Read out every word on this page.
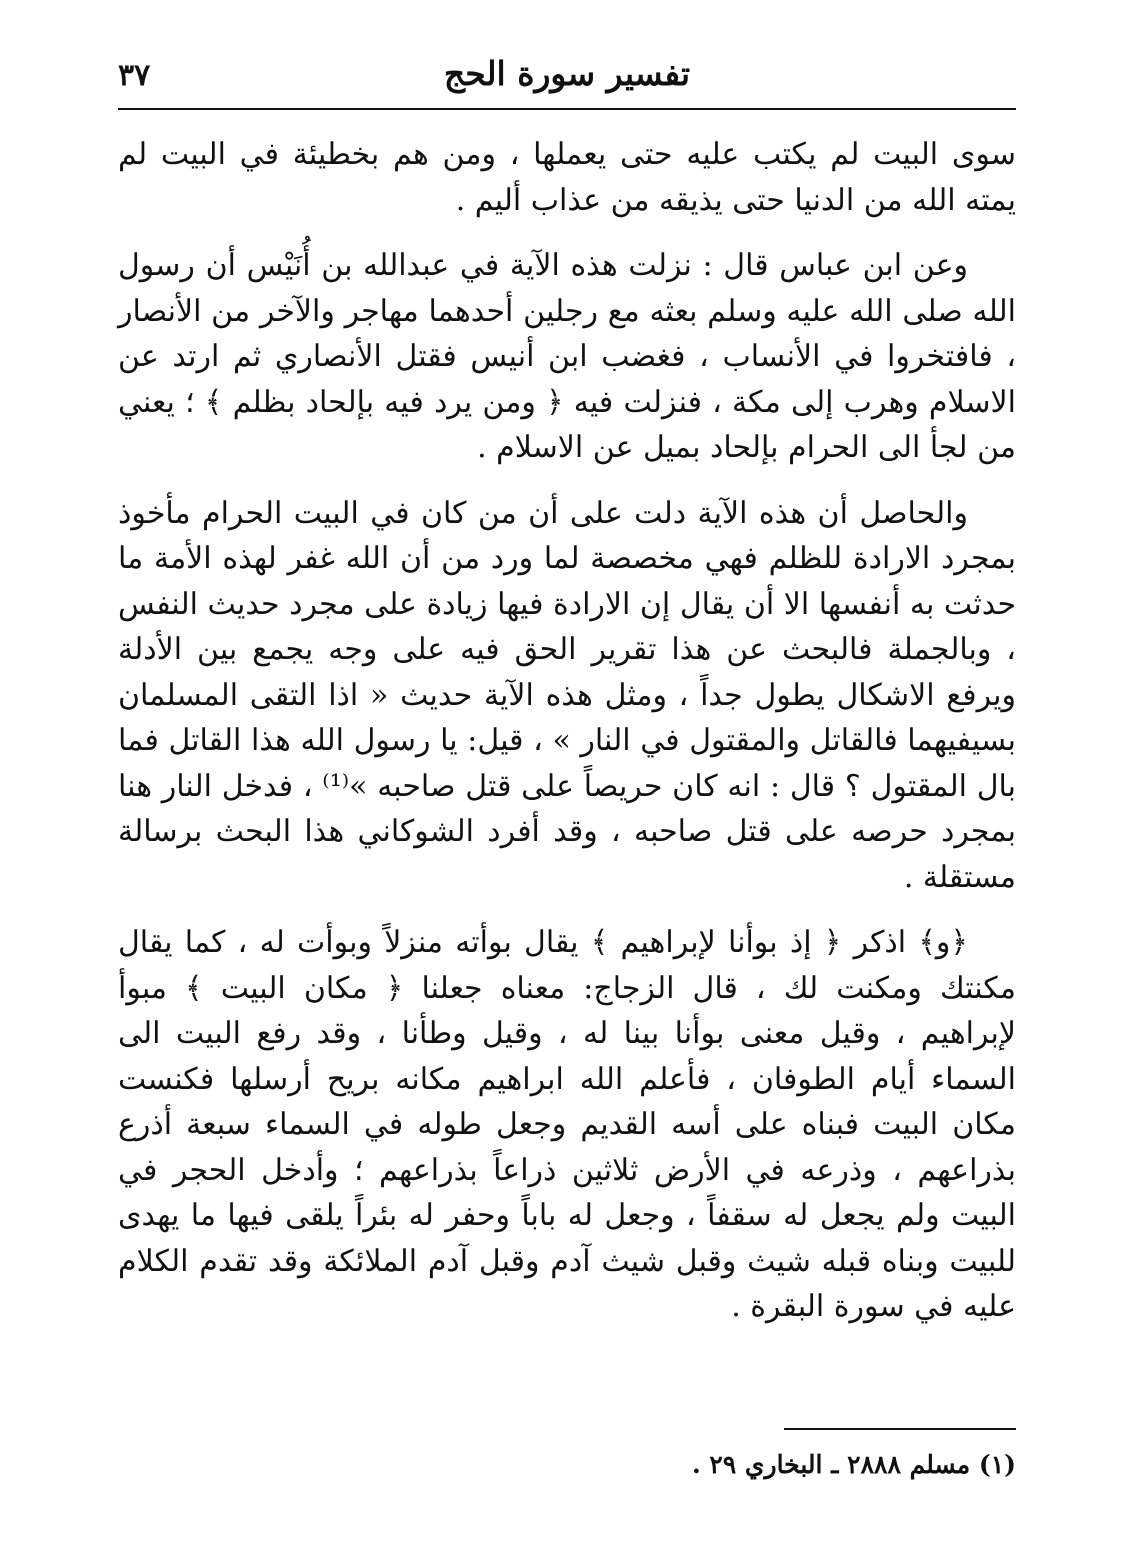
٣٧	تفسير سورة الحج

سوى البيت لم يكتب عليه حتى يعملها ، ومن هم بخطيئة في البيت لم يمته الله من الدنيا حتى يذيقه من عذاب أليم .

وعن ابن عباس قال : نزلت هذه الآية في عبدالله بن أُنَيْس أن رسول الله صلى الله عليه وسلم بعثه مع رجلين أحدهما مهاجر والآخر من الأنصار ، فافتخروا في الأنساب ، فغضب ابن أنيس فقتل الأنصاري ثم ارتد عن الاسلام وهرب إلى مكة ، فنزلت فيه ﴿ ومن يرد فيه بإلحاد بظلم ﴾ ؛ يعني من لجأ الى الحرام بإلحاد بميل عن الاسلام .

والحاصل أن هذه الآية دلت على أن من كان في البيت الحرام مأخوذ بمجرد الارادة للظلم فهي مخصصة لما ورد من أن الله غفر لهذه الأمة ما حدثت به أنفسها الا أن يقال إن الارادة فيها زيادة على مجرد حديث النفس ، وبالجملة فالبحث عن هذا تقرير الحق فيه على وجه يجمع بين الأدلة ويرفع الاشكال يطول جداً ، ومثل هذه الآية حديث « اذا التقى المسلمان بسيفيهما فالقاتل والمقتول في النار » ، قيل: يا رسول الله هذا القاتل فما بال المقتول ؟ قال : انه كان حريصاً على قتل صاحبه »⁽¹⁾ ، فدخل النار هنا بمجرد حرصه على قتل صاحبه ، وقد أفرد الشوكاني هذا البحث برسالة مستقلة .

﴿و﴾ اذكر ﴿ إذ بوأنا لإبراهيم ﴾ يقال بوأته منزلاً وبوأت له ، كما يقال مكنتك ومكنت لك ، قال الزجاج: معناه جعلنا ﴿ مكان البيت ﴾ مبوأ لإبراهيم ، وقيل معنى بوأنا بينا له ، وقيل وطأنا ، وقد رفع البيت الى السماء أيام الطوفان ، فأعلم الله ابراهيم مكانه بريح أرسلها فكنست مكان البيت فبناه على أسه القديم وجعل طوله في السماء سبعة أذرع بذراعهم ، وذرعه في الأرض ثلاثين ذراعاً بذراعهم ؛ وأدخل الحجر في البيت ولم يجعل له سقفاً ، وجعل له باباً وحفر له بئراً يلقى فيها ما يهدى للبيت وبناه قبله شيث وقبل شيث آدم وقبل آدم الملائكة وقد تقدم الكلام عليه في سورة البقرة .

(١) مسلم ٢٨٨٨ ـ البخاري ٢٩ .
